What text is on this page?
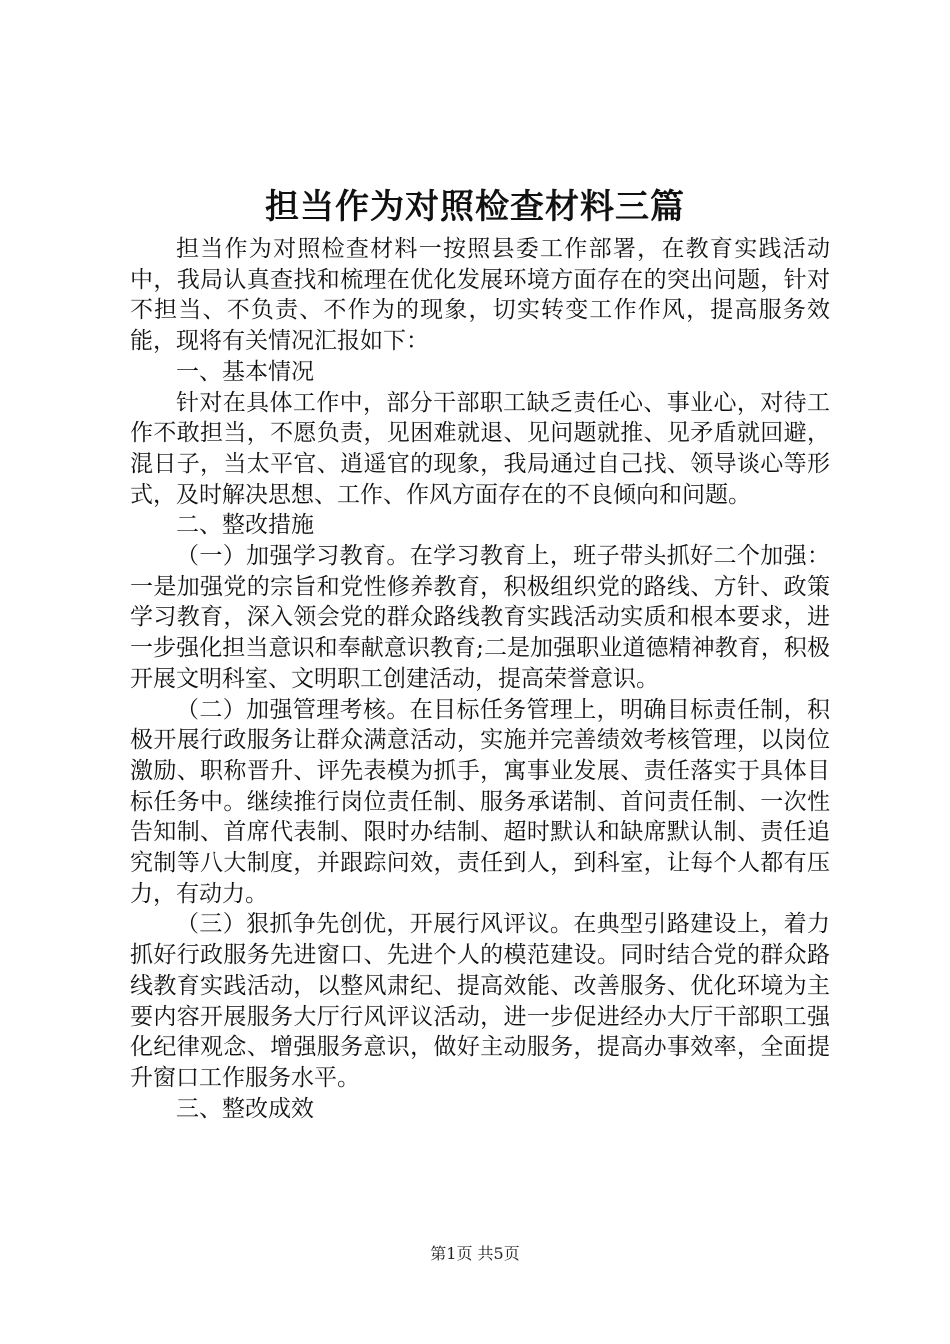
担当作为对照检查材料三篇

担当作为对照检查材料一按照县委工作部署，在教育实践活动中，我局认真查找和梳理在优化发展环境方面存在的突出问题，针对不担当、不负责、不作为的现象，切实转变工作作风，提高服务效能，现将有关情况汇报如下：

一、基本情况

针对在具体工作中，部分干部职工缺乏责任心、事业心，对待工作不敢担当，不愿负责，见困难就退、见问题就推、见矛盾就回避，混日子，当太平官、逍遥官的现象，我局通过自己找、领导谈心等形式，及时解决思想、工作、作风方面存在的不良倾向和问题。

二、整改措施

（一）加强学习教育。在学习教育上，班子带头抓好二个加强：一是加强党的宗旨和党性修养教育，积极组织党的路线、方针、政策学习教育，深入领会党的群众路线教育实践活动实质和根本要求，进一步强化担当意识和奉献意识教育;二是加强职业道德精神教育，积极开展文明科室、文明职工创建活动，提高荣誉意识。

（二）加强管理考核。在目标任务管理上，明确目标责任制，积极开展行政服务让群众满意活动，实施并完善绩效考核管理，以岗位激励、职称晋升、评先表模为抓手，寓事业发展、责任落实于具体目标任务中。继续推行岗位责任制、服务承诺制、首问责任制、一次性告知制、首席代表制、限时办结制、超时默认和缺席默认制、责任追究制等八大制度，并跟踪问效，责任到人，到科室，让每个人都有压力，有动力。

（三）狠抓争先创优，开展行风评议。在典型引路建设上，着力抓好行政服务先进窗口、先进个人的模范建设。同时结合党的群众路线教育实践活动，以整风肃纪、提高效能、改善服务、优化环境为主要内容开展服务大厅行风评议活动，进一步促进经办大厅干部职工强化纪律观念、增强服务意识，做好主动服务，提高办事效率，全面提升窗口工作服务水平。

三、整改成效

第1页 共5页
